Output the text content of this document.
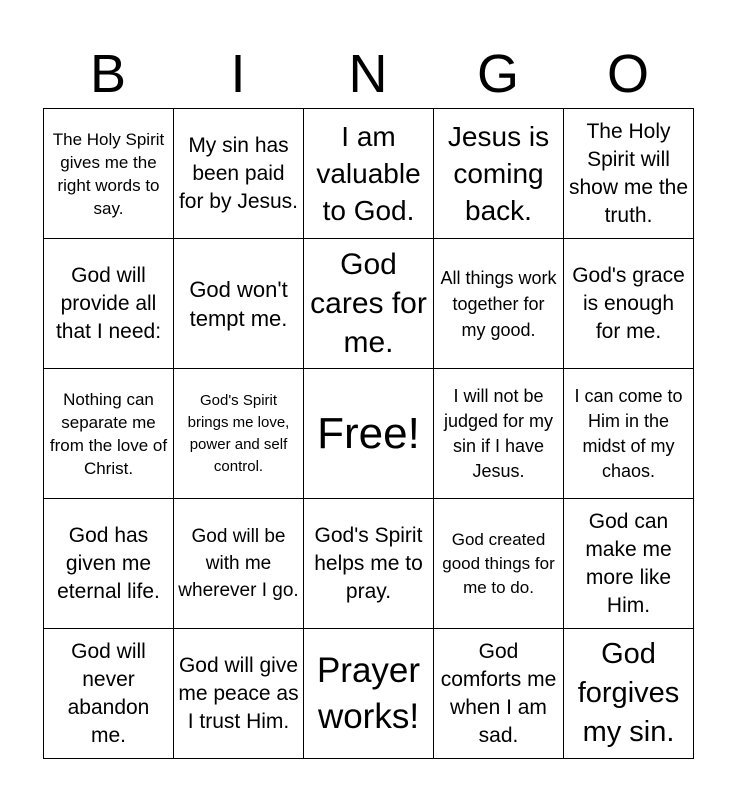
B	I	N	G	O
The Holy Spirit gives me the right words to say.	My sin has been paid for by Jesus.	I am valuable to God.	Jesus is coming back.	The Holy Spirit will show me the truth.

God will provide all that I need:	God won't tempt me.	God cares for me.	All things work together for my good.	God's grace is enough for me.

Nothing can separate me from the love of Christ.	God's Spirit brings me love, power and self control.	Free!	I will not be judged for my sin if I have Jesus.	I can come to Him in the midst of my chaos.

God has given me eternal life.	God will be with me wherever I go.	God's Spirit helps me to pray.	God created good things for me to do.	God can make me more like Him.

God will never abandon me.	God will give me peace as I trust Him.	Prayer works!	God comforts me when I am sad.	God forgives my sin.
